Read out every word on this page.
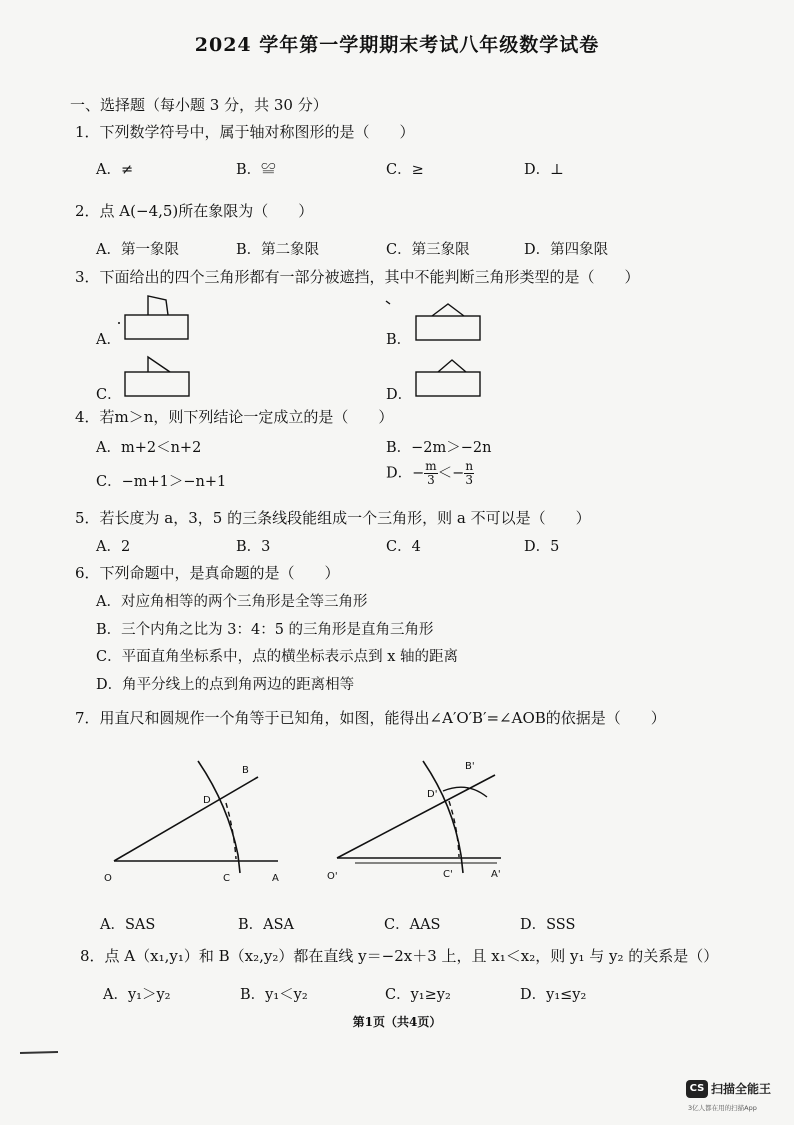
2024 学年第一学期期末考试八年级数学试卷
一、选择题（每小题 3 分，共 30 分）
1．下列数学符号中，属于轴对称图形的是（　　）
A．≠	B．≌	C．≥	D．⊥
2．点 A(−4,5)所在象限为（　　）
A．第一象限	B．第二象限	C．第三象限	D．第四象限
3．下面给出的四个三角形都有一部分被遮挡，其中不能判断三角形类型的是（　　）
A．	B．
C．	D．
4．若m＞n，则下列结论一定成立的是（　　）
A．m+2＜n+2	B．−2m＞−2n
C．−m+1＞−n+1
D．− $\frac{m}{3} <- \frac{n}{3}$
5．若长度为 a，3，5 的三条线段能组成一个三角形，则 a 不可以是（　　）
A．2	B．3	C．4	D．5
6．下列命题中，是真命题的是（　　）
A．对应角相等的两个三角形是全等三角形
B．三个内角之比为 3：4：5 的三角形是直角三角形
C．平面直角坐标系中，点的横坐标表示点到 x 轴的距离
D．角平分线上的点到角两边的距离相等
7．用直尺和圆规作一个角等于已知角，如图，能得出∠A′O′B′=∠AOB的依据是（　　）
B
D
O	C	A
B'
D'
O'	C'	A'
A．SAS	B．ASA	C．AAS	D．SSS
8．点 A（x₁,y₁）和 B（x₂,y₂）都在直线 y＝−2x＋3 上，且 x₁＜x₂，则 y₁ 与 y₂ 的关系是（）
A．y₁＞y₂	B．y₁＜y₂	C．y₁≥y₂	D．y₁≤y₂
第1页（共4页）
CS 扫描全能王
3亿人都在用的扫描App
